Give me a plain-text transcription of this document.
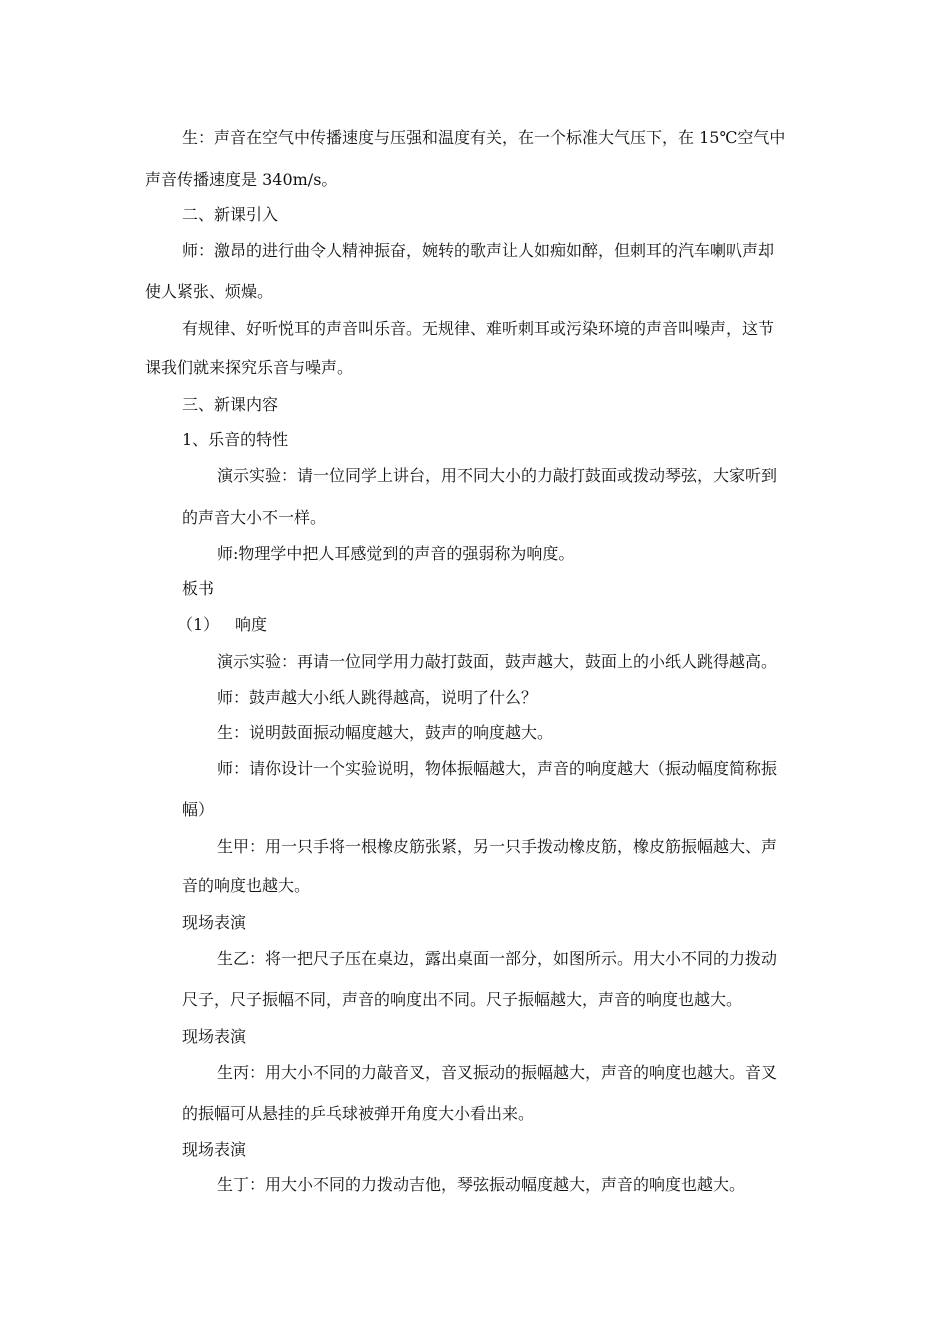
生：声音在空气中传播速度与压强和温度有关，在一个标准大气压下，在 15℃空气中

声音传播速度是 340m/s。

二、新课引入

师：激昂的进行曲令人精神振奋，婉转的歌声让人如痴如醉，但刺耳的汽车喇叭声却

使人紧张、烦燥。

有规律、好听悦耳的声音叫乐音。无规律、难听刺耳或污染环境的声音叫噪声，这节

课我们就来探究乐音与噪声。

三、新课内容

1、乐音的特性

演示实验：请一位同学上讲台，用不同大小的力敲打鼓面或拨动琴弦，大家听到

的声音大小不一样。

师:物理学中把人耳感觉到的声音的强弱称为响度。

板书

（1） 响度

演示实验：再请一位同学用力敲打鼓面，鼓声越大，鼓面上的小纸人跳得越高。

师：鼓声越大小纸人跳得越高，说明了什么？

生：说明鼓面振动幅度越大，鼓声的响度越大。

师：请你设计一个实验说明，物体振幅越大，声音的响度越大（振动幅度简称振

幅）

生甲：用一只手将一根橡皮筋张紧，另一只手拨动橡皮筋，橡皮筋振幅越大、声

音的响度也越大。

现场表演

生乙：将一把尺子压在桌边，露出桌面一部分，如图所示。用大小不同的力拨动

尺子，尺子振幅不同，声音的响度出不同。尺子振幅越大，声音的响度也越大。

现场表演

生丙：用大小不同的力敲音叉，音叉振动的振幅越大，声音的响度也越大。音叉

的振幅可从悬挂的乒乓球被弹开角度大小看出来。

现场表演

生丁：用大小不同的力拨动吉他，琴弦振动幅度越大，声音的响度也越大。
